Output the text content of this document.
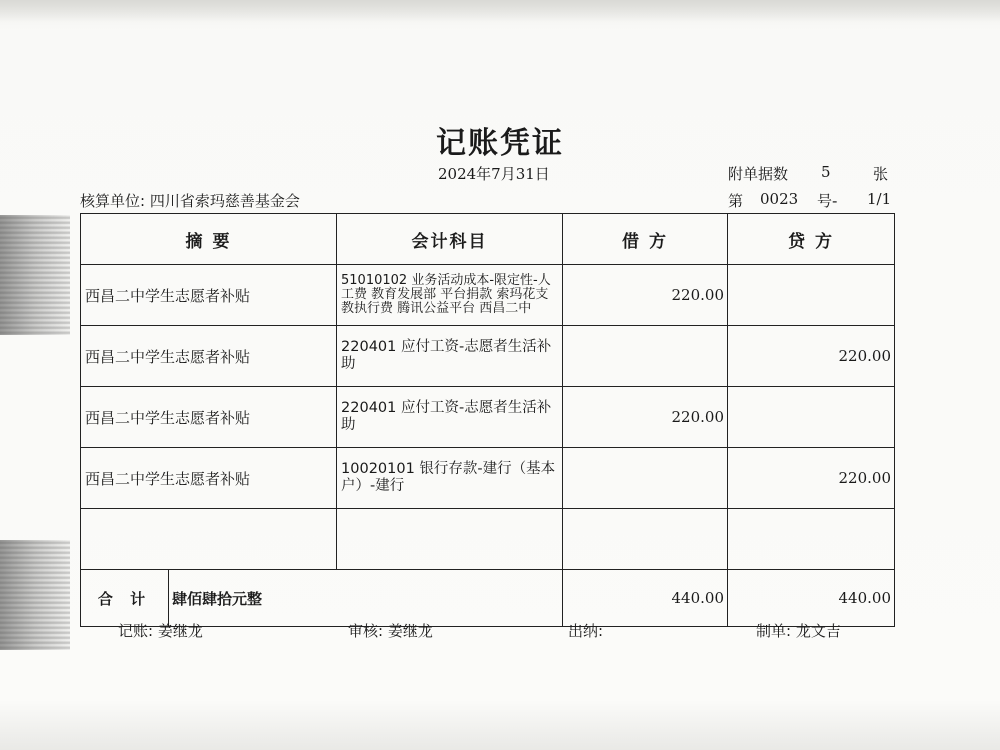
记账凭证
2024年7月31日	附单据数 5	张
核算单位: 四川省索玛慈善基金会	第 0023 号- 1/1
摘 要		会计科目	借 方	贷 方
西昌二中学生志愿者补贴		51010102 业务活动成本-限定性-人工费 教育发展部 平台捐款 索玛花支教执行费 腾讯公益平台 西昌二中	220.00	
西昌二中学生志愿者补贴		220401 应付工资-志愿者生活补助		220.00
西昌二中学生志愿者补贴		220401 应付工资-志愿者生活补助	220.00	
西昌二中学生志愿者补贴		10020101 银行存款-建行（基本户）-建行		220.00

合 计	肆佰肆拾元整		440.00	440.00
记账: 姜继龙	审核: 姜继龙	出纳:	制单: 龙文吉
